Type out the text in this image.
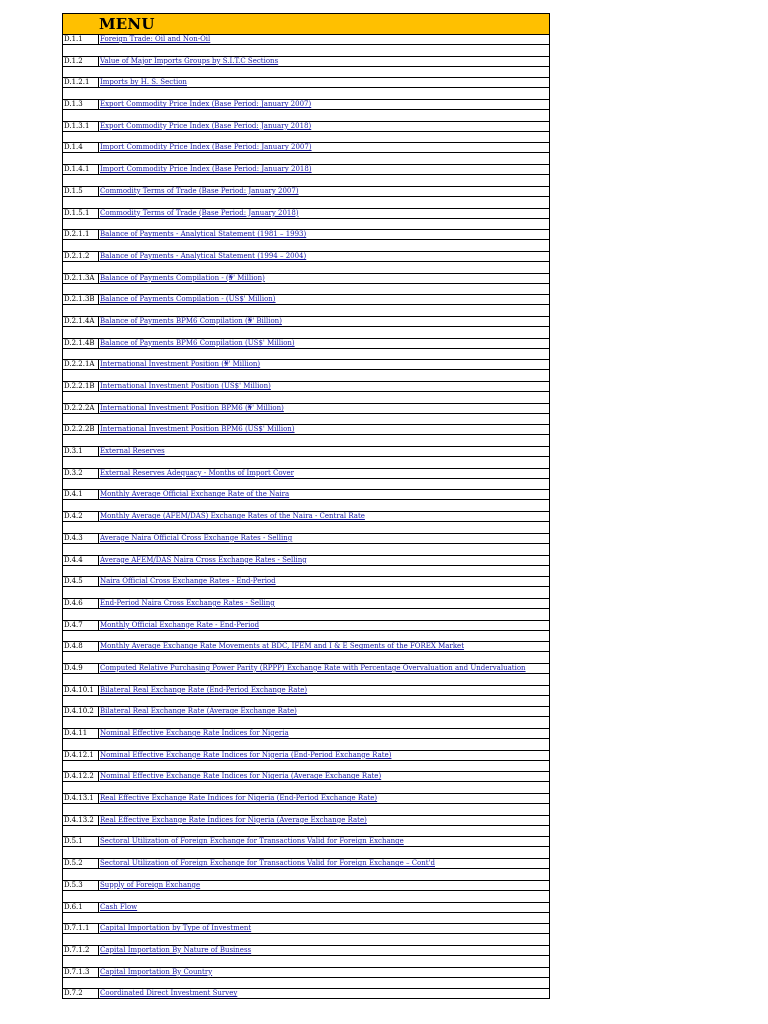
MENU
D.1.1	Foreign Trade: Oil and Non-Oil
D.1.2	Value of Major Imports Groups by S.I.T.C Sections
D.1.2.1	Imports by H. S. Section
D.1.3	Export Commodity Price Index (Base Period: January 2007)
D.1.3.1	Export Commodity Price Index (Base Period: January 2018)
D.1.4	Import Commodity Price Index (Base Period: January 2007)
D.1.4.1	Import Commodity Price Index (Base Period: January 2018)
D.1.5	Commodity Terms of Trade (Base Period: January 2007)
D.1.5.1	Commodity Terms of Trade (Base Period: January 2018)
D.2.1.1	Balance of Payments - Analytical Statement (1981 – 1993)
D.2.1.2	Balance of Payments - Analytical Statement (1994 – 2004)
D.2.1.3A Balance of Payments Compilation - (₦' Million)
D.2.1.3B Balance of Payments Compilation - (US$' Million)
D.2.1.4A Balance of Payments BPM6 Compilation (₦' Billion)
D.2.1.4B Balance of Payments BPM6 Compilation (US$' Million)
D.2.2.1A International Investment Position (₦' Million)
D.2.2.1B International Investment Position (US$' Million)
D.2.2.2A International Investment Position BPM6 (₦' Million)
D.2.2.2B International Investment Position BPM6 (US$' Million)
D.3.1	External Reserves
D.3.2	External Reserves Adequacy - Months of Import Cover
D.4.1	Monthly Average Official Exchange Rate of the Naira
D.4.2	Monthly Average (AFEM/DAS) Exchange Rates of the Naira - Central Rate
D.4.3	Average Naira Official Cross Exchange Rates - Selling
D.4.4	Average AFEM/DAS Naira Cross Exchange Rates - Selling
D.4.5	Naira Official Cross Exchange Rates - End-Period
D.4.6	End-Period Naira Cross Exchange Rates - Selling
D.4.7	Monthly Official Exchange Rate - End-Period
D.4.8	Monthly Average Exchange Rate Movements at BDC, IFEM and I & E Segments of the FOREX Market
D.4.9	Computed Relative Purchasing Power Parity (RPPP) Exchange Rate with Percentage Overvaluation and Undervaluation
D.4.10.1 Bilateral Real Exchange Rate (End-Period Exchange Rate)
D.4.10.2 Bilateral Real Exchange Rate (Average Exchange Rate)
D.4.11	Nominal Effective Exchange Rate Indices for Nigeria
D.4.12.1 Nominal Effective Exchange Rate Indices for Nigeria (End-Period Exchange Rate)
D.4.12.2 Nominal Effective Exchange Rate Indices for Nigeria (Average Exchange Rate)
D.4.13.1 Real Effective Exchange Rate Indices for Nigeria (End-Period Exchange Rate)
D.4.13.2 Real Effective Exchange Rate Indices for Nigeria (Average Exchange Rate)
D.5.1	Sectoral Utilization of Foreign Exchange for Transactions Valid for Foreign Exchange
D.5.2	Sectoral Utilization of Foreign Exchange for Transactions Valid for Foreign Exchange – Cont'd
D.5.3	Supply of Foreign Exchange
D.6.1	Cash Flow
D.7.1.1	Capital Importation by Type of Investment
D.7.1.2	Capital Importation By Nature of Business
D.7.1.3	Capital Importation By Country
D.7.2	Coordinated Direct Investment Survey
